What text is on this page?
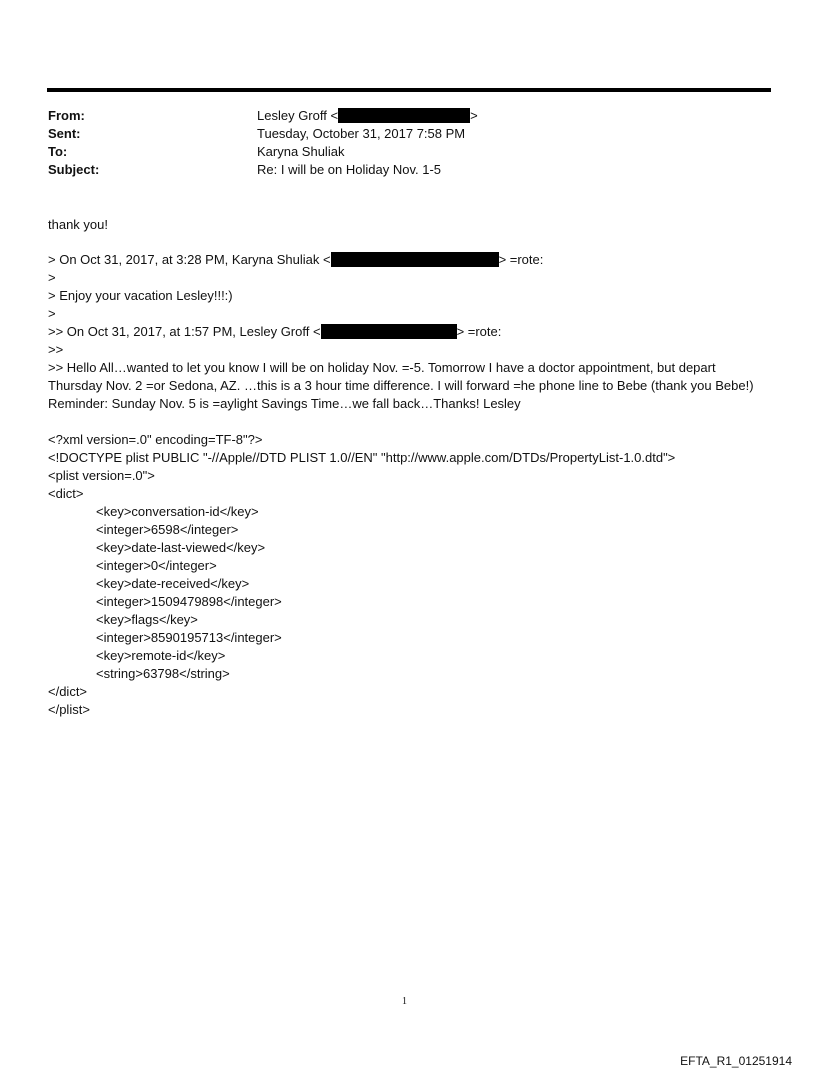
From:	Lesley Groff <	>
Sent:	Tuesday, October 31, 2017 7:58 PM
To:	Karyna Shuliak
Subject:	Re: I will be on Holiday Nov. 1-5
thank you!
> On Oct 31, 2017, at 3:28 PM, Karyna Shuliak <	> =rote:
>
> Enjoy your vacation Lesley!!!:)
>
>> On Oct 31, 2017, at 1:57 PM, Lesley Groff <	> =rote:
>>
>> Hello All…wanted to let you know I will be on holiday Nov. =-5. Tomorrow I have a doctor appointment, but depart Thursday Nov. 2 =or Sedona, AZ. …this is a 3 hour time difference. I will forward =he phone line to Bebe (thank you Bebe!) Reminder: Sunday Nov. 5 is =aylight Savings Time…we fall back…Thanks! Lesley
<?xml version=.0" encoding=TF-8"?>
<!DOCTYPE plist PUBLIC "-//Apple//DTD PLIST 1.0//EN" "http://www.apple.com/DTDs/PropertyList-1.0.dtd">
<plist version=.0">
<dict>
<key>conversation-id</key>
<integer>6598</integer>
<key>date-last-viewed</key>
<integer>0</integer>
<key>date-received</key>
<integer>1509479898</integer>
<key>flags</key>
<integer>8590195713</integer>
<key>remote-id</key>
<string>63798</string>
</dict>
</plist>
1
EFTA_R1_01251914
